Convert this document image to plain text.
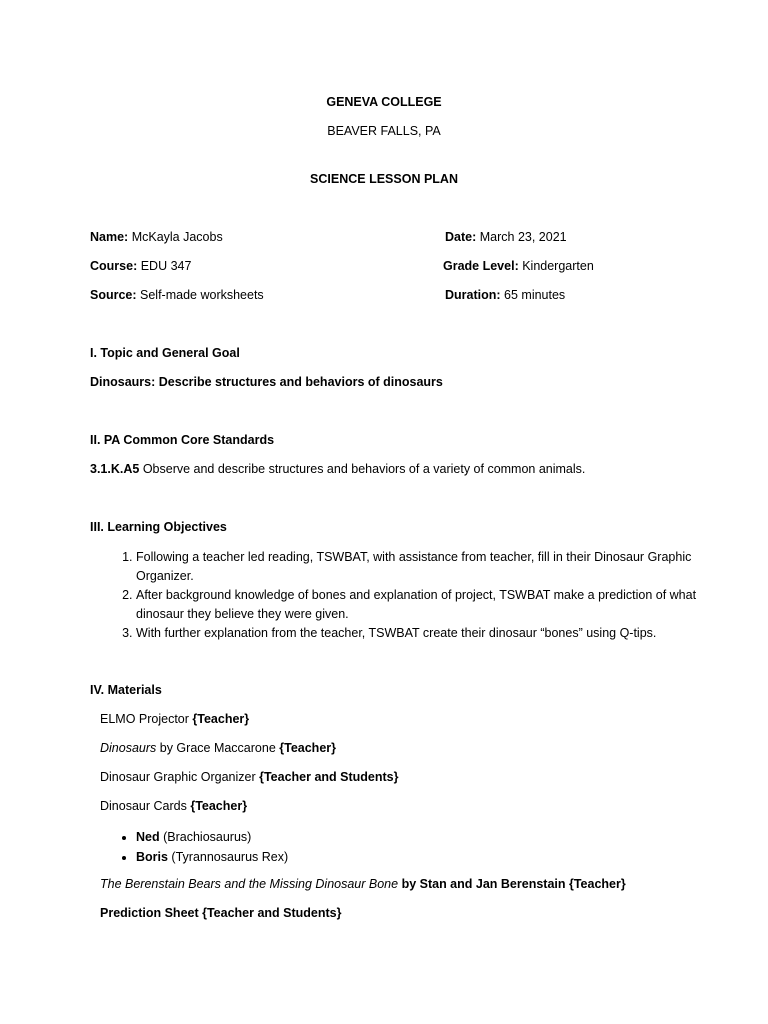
GENEVA COLLEGE
BEAVER FALLS, PA
SCIENCE LESSON PLAN
Name: McKayla Jacobs	Date: March 23, 2021
Course: EDU 347	Grade Level: Kindergarten
Source: Self-made worksheets	Duration: 65 minutes
I. Topic and General Goal
Dinosaurs: Describe structures and behaviors of dinosaurs
II. PA Common Core Standards
3.1.K.A5 Observe and describe structures and behaviors of a variety of common animals.
III. Learning Objectives
1. Following a teacher led reading, TSWBAT, with assistance from teacher, fill in their Dinosaur Graphic Organizer.
2. After background knowledge of bones and explanation of project, TSWBAT make a prediction of what dinosaur they believe they were given.
3. With further explanation from the teacher, TSWBAT create their dinosaur “bones” using Q-tips.
IV. Materials
ELMO Projector {Teacher}
Dinosaurs by Grace Maccarone {Teacher}
Dinosaur Graphic Organizer {Teacher and Students}
Dinosaur Cards {Teacher}
• Ned (Brachiosaurus)
• Boris (Tyrannosaurus Rex)
The Berenstain Bears and the Missing Dinosaur Bone by Stan and Jan Berenstain {Teacher}
Prediction Sheet {Teacher and Students}
